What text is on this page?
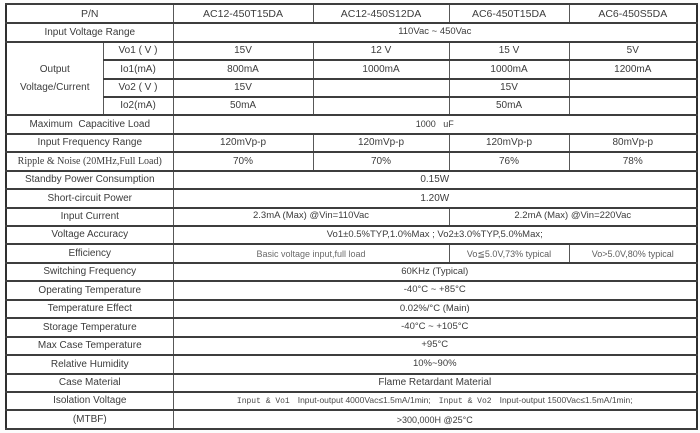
P/N		AC12-450T15DA	AC12-450S12DA	AC6-450T15DA	AC6-450S5DA
Input Voltage Range		110Vac ~ 450Vac			
Output Voltage/Current	Vo1 ( V )	15V	12 V	15 V	5V
	Io1(mA)	800mA	1000mA	1000mA	1200mA
	Vo2 ( V )	15V		15V	
	Io2(mA)	50mA		50mA	
Maximum  Capacitive Load		1000   uF			
Input Frequency Range		120mVp-p	120mVp-p	120mVp-p	80mVp-p
Ripple & Noise (20MHz,Full Load)		70%	70%	76%	78%
Standby Power Consumption		0.15W			
Short-circuit Power		1.20W			
Input Current		2.3mA (Max) @Vin=110Vac		2.2mA (Max) @Vin=220Vac	
Voltage Accuracy		Vo1±0.5%TYP,1.0%Max ; Vo2±3.0%TYP,5.0%Max;			
Efficiency		Basic voltage input,full load		Vo≦5.0V,73% typical	Vo>5.0V,80% typical
Switching Frequency		60KHz (Typical)			
Operating Temperature		-40°C ~ +85°C			
Temperature Effect		0.02%/°C (Main)			
Storage Temperature		-40°C ~ +105°C			
Max Case Temperature		+95°C			
Relative Humidity		10%~90%			
Case Material		Flame Retardant Material			
Isolation Voltage		Input & Vo1 Input-output 4000Vac≤1.5mA/1min; Input & Vo2 Input-output 1500Vac≤1.5mA/1min;			
(MTBF)		>300,000H @25°C			
